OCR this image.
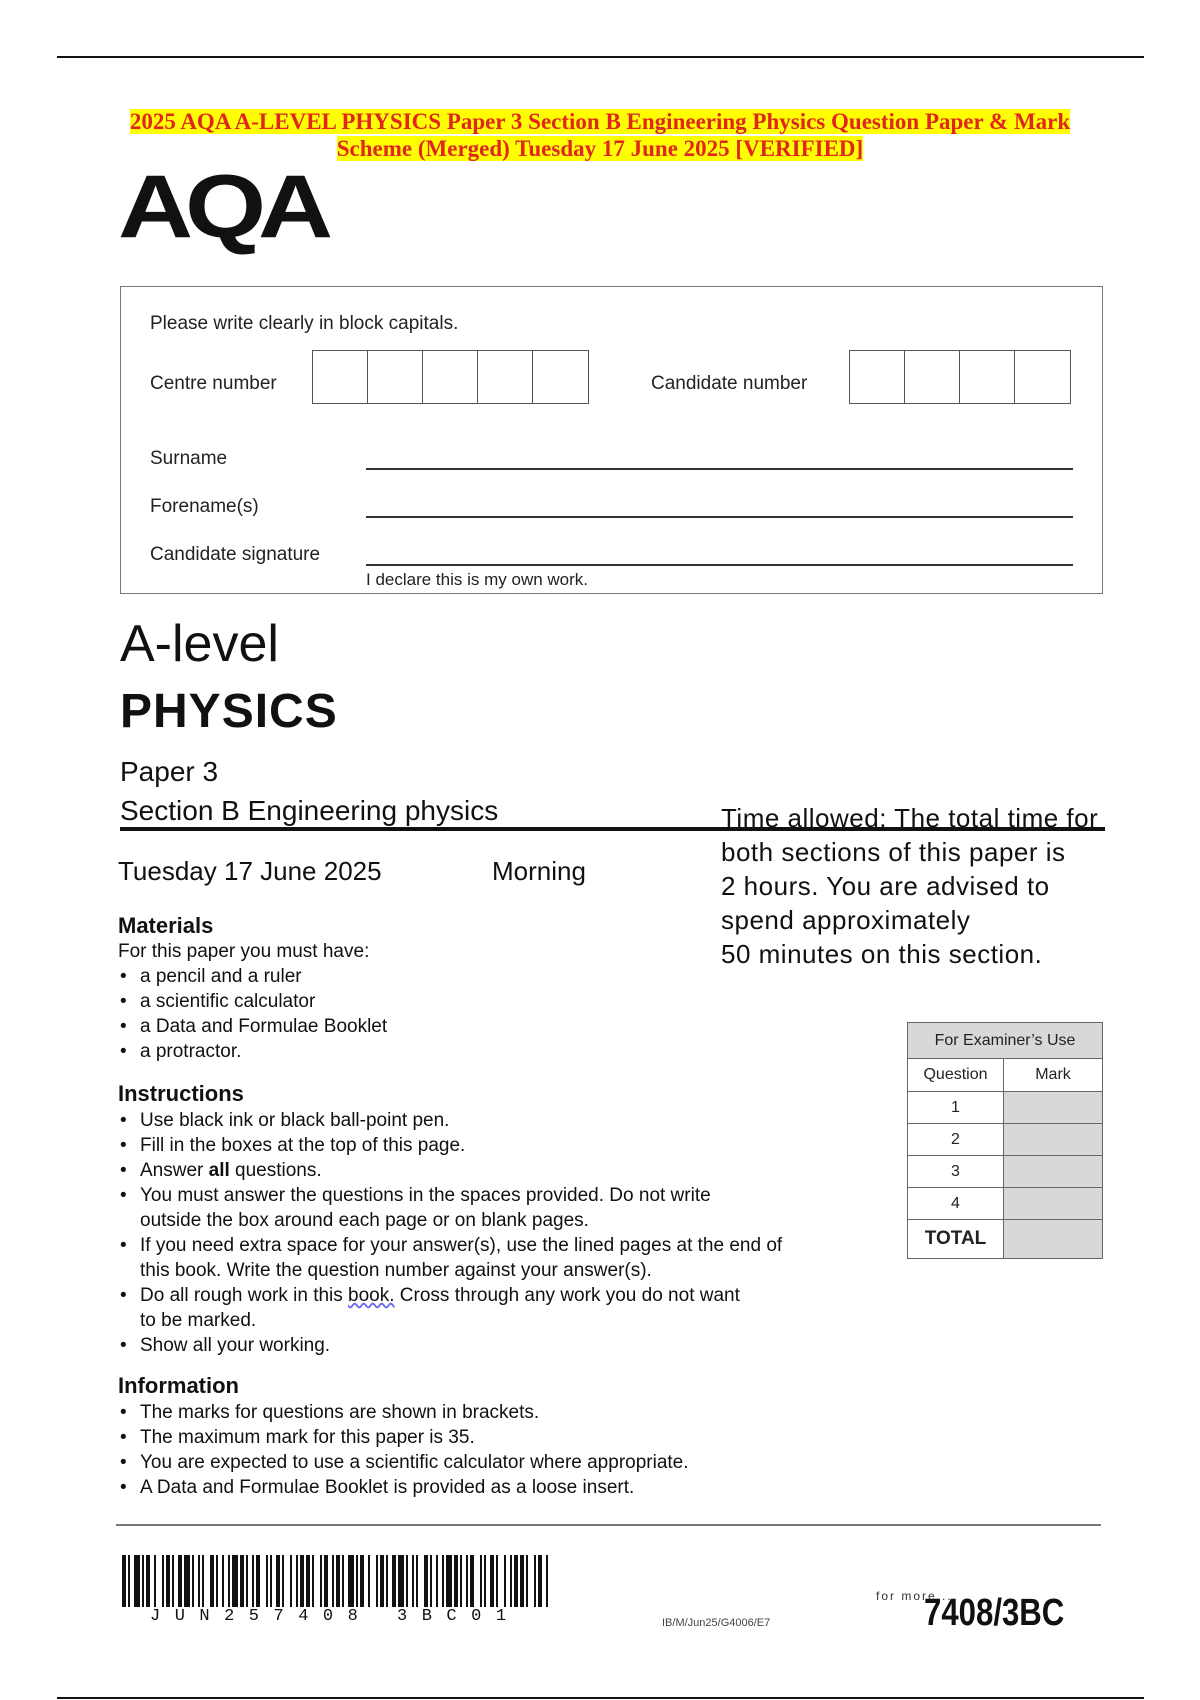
2025 AQA A-LEVEL PHYSICS Paper 3 Section B Engineering Physics Question Paper & Mark
Scheme (Merged) Tuesday 17 June 2025 [VERIFIED]
AQA
Please write clearly in block capitals.
Centre number	Candidate number
Surname
Forename(s)
Candidate signature
I declare this is my own work.
A-level
PHYSICS
Paper 3
Section B Engineering physics
Tuesday 17 June 2025	Morning
Time allowed: The total time for
both sections of this paper is
2 hours. You are advised to
spend approximately
50 minutes on this section.
Materials
For this paper you must have:
• a pencil and a ruler
• a scientific calculator
• a Data and Formulae Booklet
• a protractor.
Instructions
• Use black ink or black ball-point pen.
• Fill in the boxes at the top of this page.
• Answer all questions.
• You must answer the questions in the spaces provided. Do not write
outside the box around each page or on blank pages.
• If you need extra space for your answer(s), use the lined pages at the end of
this book. Write the question number against your answer(s).
• Do all rough work in this book. Cross through any work you do not want
to be marked.
• Show all your working.
Information
• The marks for questions are shown in brackets.
• The maximum mark for this paper is 35.
• You are expected to use a scientific calculator where appropriate.
• A Data and Formulae Booklet is provided as a loose insert.
For Examiner’s Use	
Question	Mark
1	
2	
3	
4	
TOTAL	
JUN257408 3BC01	IB/M/Jun25/G4006/E7
for more...
7408/3BC
